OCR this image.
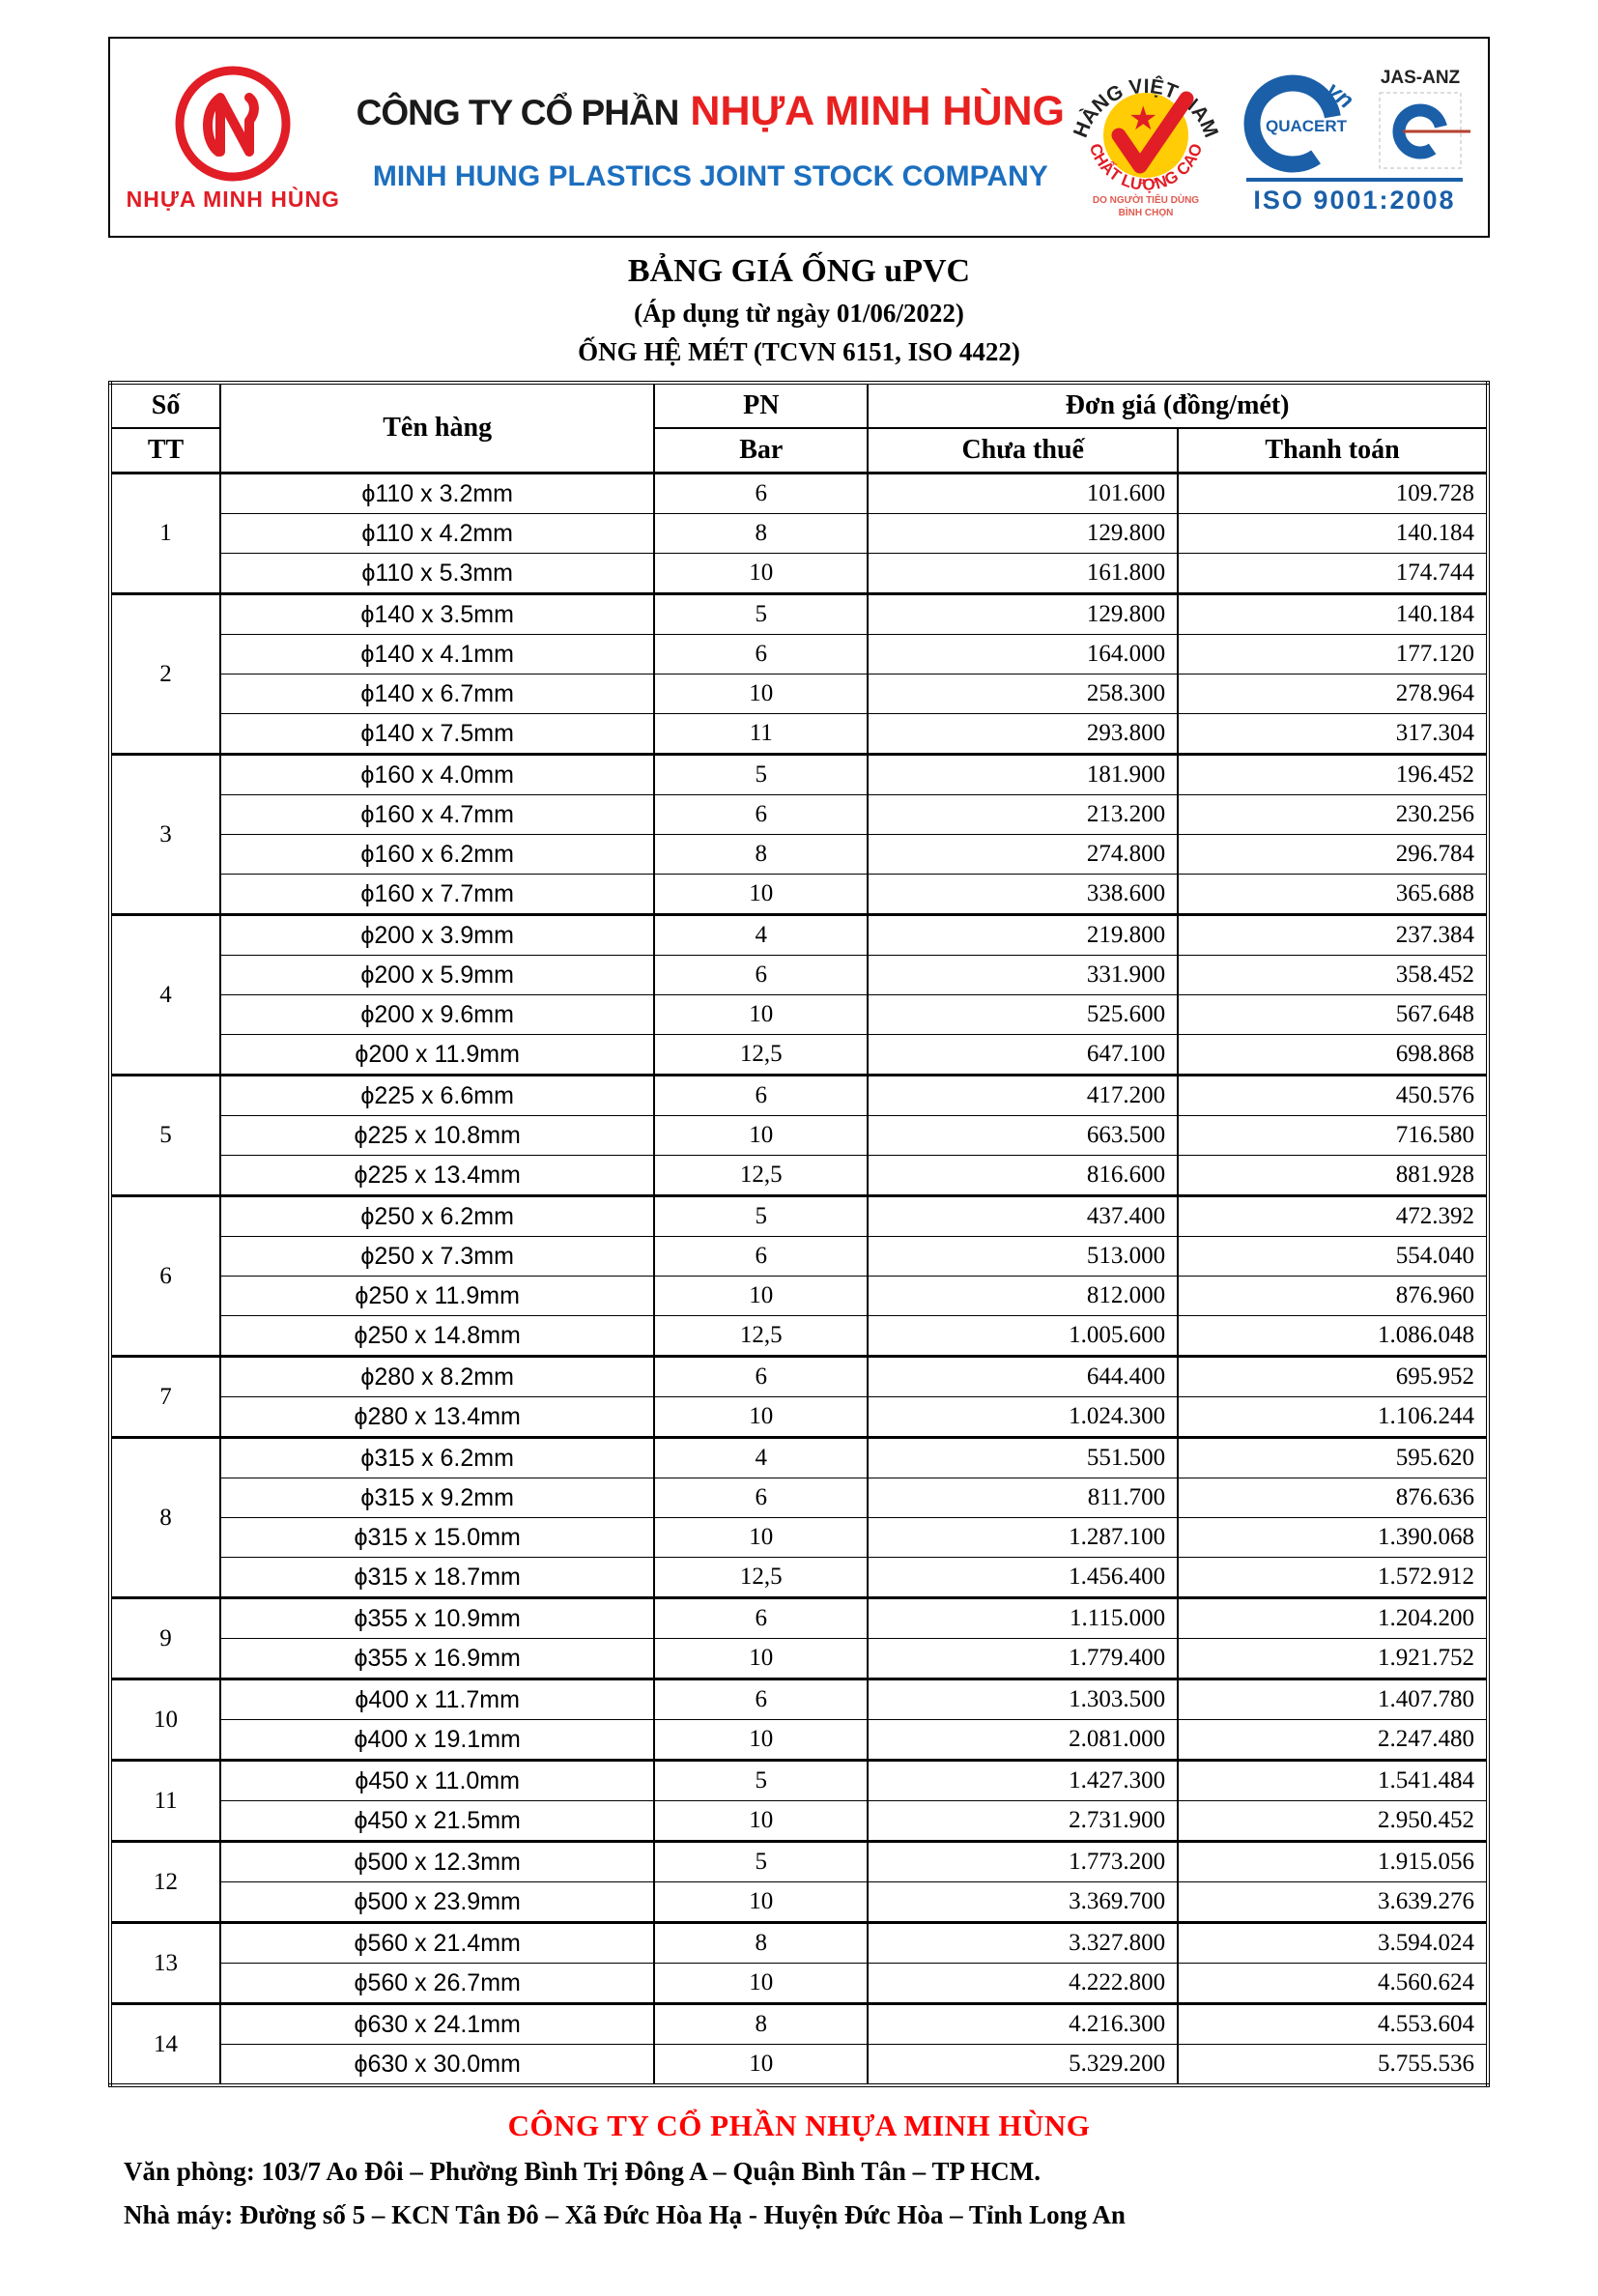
NHỰA MINH HÙNG
CÔNG TY CỔ PHẦN NHỰA MINH HÙNG
MINH HUNG PLASTICS JOINT STOCK COMPANY
HÀNG VIỆT NAM
★
CHẤT LƯỢNG CAO
DO NGƯỜI TIÊU DÙNG
BÌNH CHỌN
vn
QUACERT
JAS-ANZ
ISO 9001:2008
BẢNG GIÁ ỐNG uPVC
(Áp dụng từ ngày 01/06/2022)
ỐNG HỆ MÉT (TCVN 6151, ISO 4422)
Số	Tên hàng	PN	Đơn giá (đồng/mét)	
TT		Bar	Chưa thuế	Thanh toán
1	ϕ110 x 3.2mm	6	101.600	109.728
	ϕ110 x 4.2mm	8	129.800	140.184
	ϕ110 x 5.3mm	10	161.800	174.744
2	ϕ140 x 3.5mm	5	129.800	140.184
	ϕ140 x 4.1mm	6	164.000	177.120
	ϕ140 x 6.7mm	10	258.300	278.964
	ϕ140 x 7.5mm	11	293.800	317.304
3	ϕ160 x 4.0mm	5	181.900	196.452
	ϕ160 x 4.7mm	6	213.200	230.256
	ϕ160 x 6.2mm	8	274.800	296.784
	ϕ160 x 7.7mm	10	338.600	365.688
4	ϕ200 x 3.9mm	4	219.800	237.384
	ϕ200 x 5.9mm	6	331.900	358.452
	ϕ200 x 9.6mm	10	525.600	567.648
	ϕ200 x 11.9mm	12,5	647.100	698.868
5	ϕ225 x 6.6mm	6	417.200	450.576
	ϕ225 x 10.8mm	10	663.500	716.580
	ϕ225 x 13.4mm	12,5	816.600	881.928
6	ϕ250 x 6.2mm	5	437.400	472.392
	ϕ250 x 7.3mm	6	513.000	554.040
	ϕ250 x 11.9mm	10	812.000	876.960
	ϕ250 x 14.8mm	12,5	1.005.600	1.086.048
7	ϕ280 x 8.2mm	6	644.400	695.952
	ϕ280 x 13.4mm	10	1.024.300	1.106.244
8	ϕ315 x 6.2mm	4	551.500	595.620
	ϕ315 x 9.2mm	6	811.700	876.636
	ϕ315 x 15.0mm	10	1.287.100	1.390.068
	ϕ315 x 18.7mm	12,5	1.456.400	1.572.912
9	ϕ355 x 10.9mm	6	1.115.000	1.204.200
	ϕ355 x 16.9mm	10	1.779.400	1.921.752
10	ϕ400 x 11.7mm	6	1.303.500	1.407.780
	ϕ400 x 19.1mm	10	2.081.000	2.247.480
11	ϕ450 x 11.0mm	5	1.427.300	1.541.484
	ϕ450 x 21.5mm	10	2.731.900	2.950.452
12	ϕ500 x 12.3mm	5	1.773.200	1.915.056
	ϕ500 x 23.9mm	10	3.369.700	3.639.276
13	ϕ560 x 21.4mm	8	3.327.800	3.594.024
	ϕ560 x 26.7mm	10	4.222.800	4.560.624
14	ϕ630 x 24.1mm	8	4.216.300	4.553.604
	ϕ630 x 30.0mm	10	5.329.200	5.755.536
CÔNG TY CỔ PHẦN NHỰA MINH HÙNG
Văn phòng: 103/7 Ao Đôi – Phường Bình Trị Đông A – Quận Bình Tân – TP HCM.
Nhà máy: Đường số 5 – KCN Tân Đô – Xã Đức Hòa Hạ - Huyện Đức Hòa – Tỉnh Long An
